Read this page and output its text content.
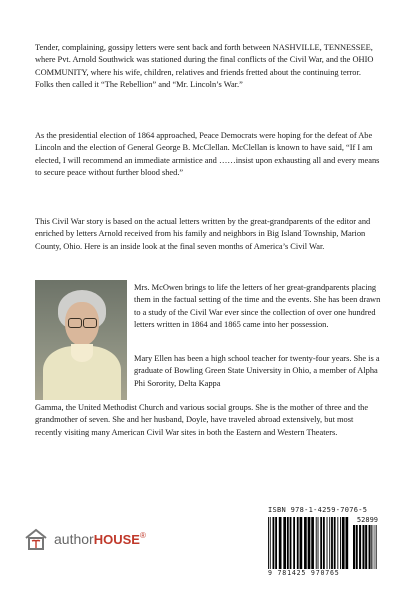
Tender, complaining, gossipy letters were sent back and forth between NASHVILLE, TENNESSEE, where Pvt. Arnold Southwick was stationed during the final conflicts of the Civil War, and the OHIO COMMUNITY, where his wife, children, relatives and friends fretted about the continuing terror. Folks then called it “The Rebellion” and “Mr. Lincoln’s War.”

As the presidential election of 1864 approached, Peace Democrats were hoping for the defeat of Abe Lincoln and the election of General George B. McClellan. McClellan is known to have said, “If I am elected, I will recommend an immediate armistice and ……insist upon exhausting all and every means to secure peace without further blood shed.”

This Civil War story is based on the actual letters written by the great-grandparents of the editor and enriched by letters Arnold received from his family and neighbors in Big Island Township, Marion County, Ohio. Here is an inside look at the final seven months of America’s Civil War.

Mrs. McOwen brings to life the letters of her great-grandparents placing them in the factual setting of the time and the events. She has been drawn to a study of the Civil War ever since the collection of over one hundred letters written in 1864 and 1865 came into her possession.

Mary Ellen has been a high school teacher for twenty-four years. She is a graduate of Bowling Green State University in Ohio, a member of Alpha Phi Sorority, Delta Kappa

Gamma, the United Methodist Church and various social groups. She is the mother of three and the grandmother of seven. She and her husband, Doyle, have traveled abroad extensively, but most recently visiting many American Civil War sites in both the Eastern and Western Theaters.

authorHOUSE®
ISBN 978-1-4259-7076-5
52899
9 781425 970765
